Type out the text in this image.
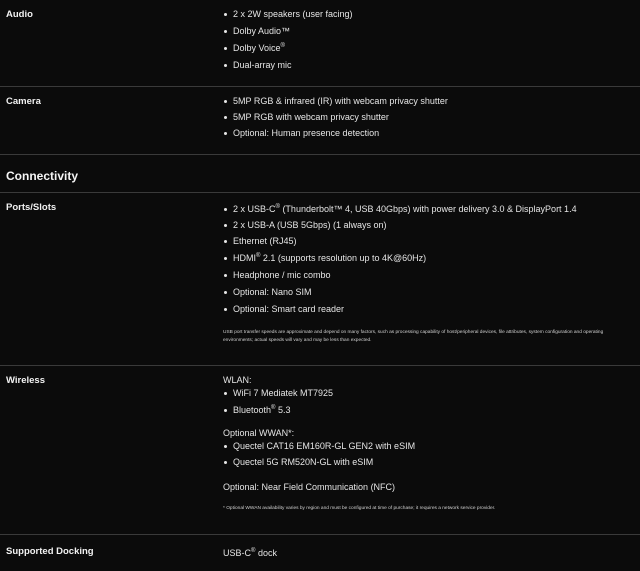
Audio	2 x 2W speakers (user facing)
Dolby Audio™
Dolby Voice®
Dual-array mic
Camera	5MP RGB & infrared (IR) with webcam privacy shutter
5MP RGB with webcam privacy shutter
Optional: Human presence detection
Connectivity
Ports/Slots	2 x USB-C® (Thunderbolt™ 4, USB 40Gbps) with power delivery 3.0 & DisplayPort 1.4
2 x USB-A (USB 5Gbps) (1 always on)
Ethernet (RJ45)
HDMI® 2.1 (supports resolution up to 4K@60Hz)
Headphone / mic combo
Optional: Nano SIM
Optional: Smart card reader
USB port transfer speeds are approximate and depend on many factors, such as processing capability of host/peripheral devices, file attributes, system configuration and operating environments; actual speeds will vary and may be less than expected.
Wireless	WLAN:
WiFi 7 Mediatek MT7925
Bluetooth® 5.3
Optional WWAN*:
Quectel CAT16 EM160R-GL GEN2 with eSIM
Quectel 5G RM520N-GL with eSIM
Optional: Near Field Communication (NFC)
* Optional WWAN availability varies by region and must be configured at time of purchase; it requires a network service provider.
Supported Docking	USB-C® dock
